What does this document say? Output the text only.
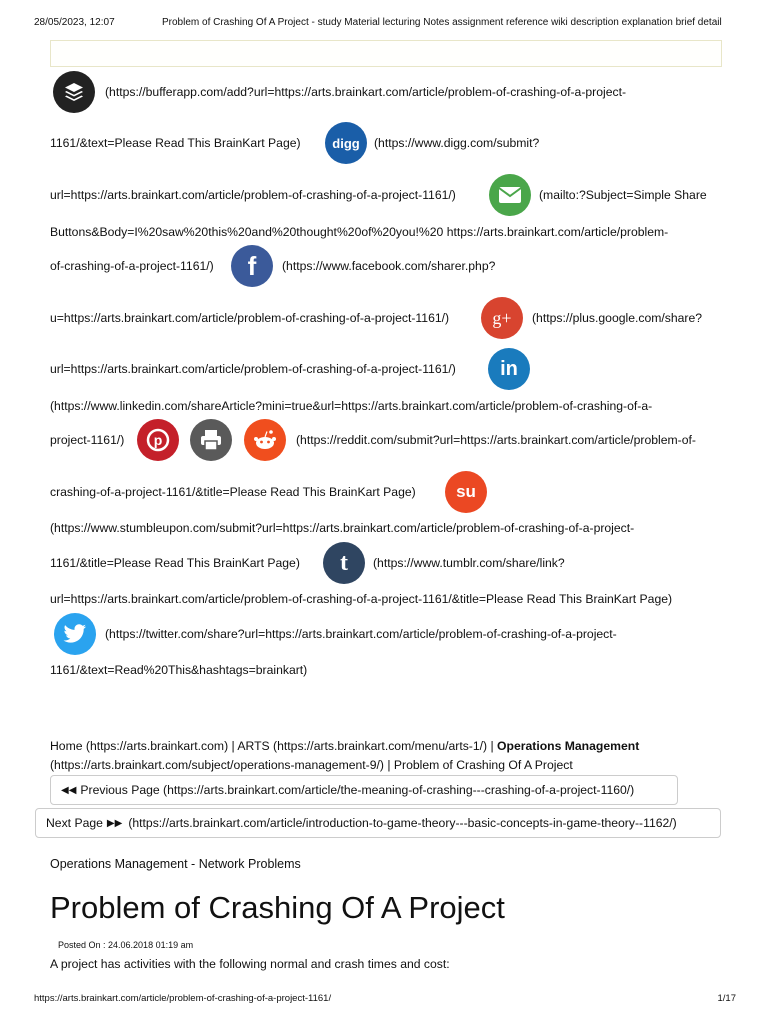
28/05/2023, 12:07	Problem of Crashing Of A Project - study Material lecturing Notes assignment reference wiki description explanation brief detail
(https://bufferapp.com/add?url=https://arts.brainkart.com/article/problem-of-crashing-of-a-project-
1161/&text=Please Read This BrainKart Page) digg (https://www.digg.com/submit?
url=https://arts.brainkart.com/article/problem-of-crashing-of-a-project-1161/)	(mailto:?Subject=Simple Share
Buttons&Body=I%20saw%20this%20and%20thought%20of%20you!%20 https://arts.brainkart.com/article/problem-
of-crashing-of-a-project-1161/) f (https://www.facebook.com/sharer.php?
u=https://arts.brainkart.com/article/problem-of-crashing-of-a-project-1161/) g+ (https://plus.google.com/share?
url=https://arts.brainkart.com/article/problem-of-crashing-of-a-project-1161/) in
(https://www.linkedin.com/shareArticle?mini=true&url=https://arts.brainkart.com/article/problem-of-crashing-of-a-
project-1161/) p	(https://reddit.com/submit?url=https://arts.brainkart.com/article/problem-of-
crashing-of-a-project-1161/&title=Please Read This BrainKart Page) su
(https://www.stumbleupon.com/submit?url=https://arts.brainkart.com/article/problem-of-crashing-of-a-project-
1161/&title=Please Read This BrainKart Page) t (https://www.tumblr.com/share/link?
url=https://arts.brainkart.com/article/problem-of-crashing-of-a-project-1161/&title=Please Read This BrainKart Page)
(https://twitter.com/share?url=https://arts.brainkart.com/article/problem-of-crashing-of-a-project-
1161/&text=Read%20This&hashtags=brainkart)
Home (https://arts.brainkart.com) | ARTS (https://arts.brainkart.com/menu/arts-1/) | Operations Management
(https://arts.brainkart.com/subject/operations-management-9/) | Problem of Crashing Of A Project
◀◀ Previous Page (https://arts.brainkart.com/article/the-meaning-of-crashing---crashing-of-a-project-1160/)
Next Page ▶▶ (https://arts.brainkart.com/article/introduction-to-game-theory---basic-concepts-in-game-theory--1162/)
Operations Management - Network Problems
Problem of Crashing Of A Project
Posted On : 24.06.2018 01:19 am
A project has activities with the following normal and crash times and cost:
https://arts.brainkart.com/article/problem-of-crashing-of-a-project-1161/	1/17
